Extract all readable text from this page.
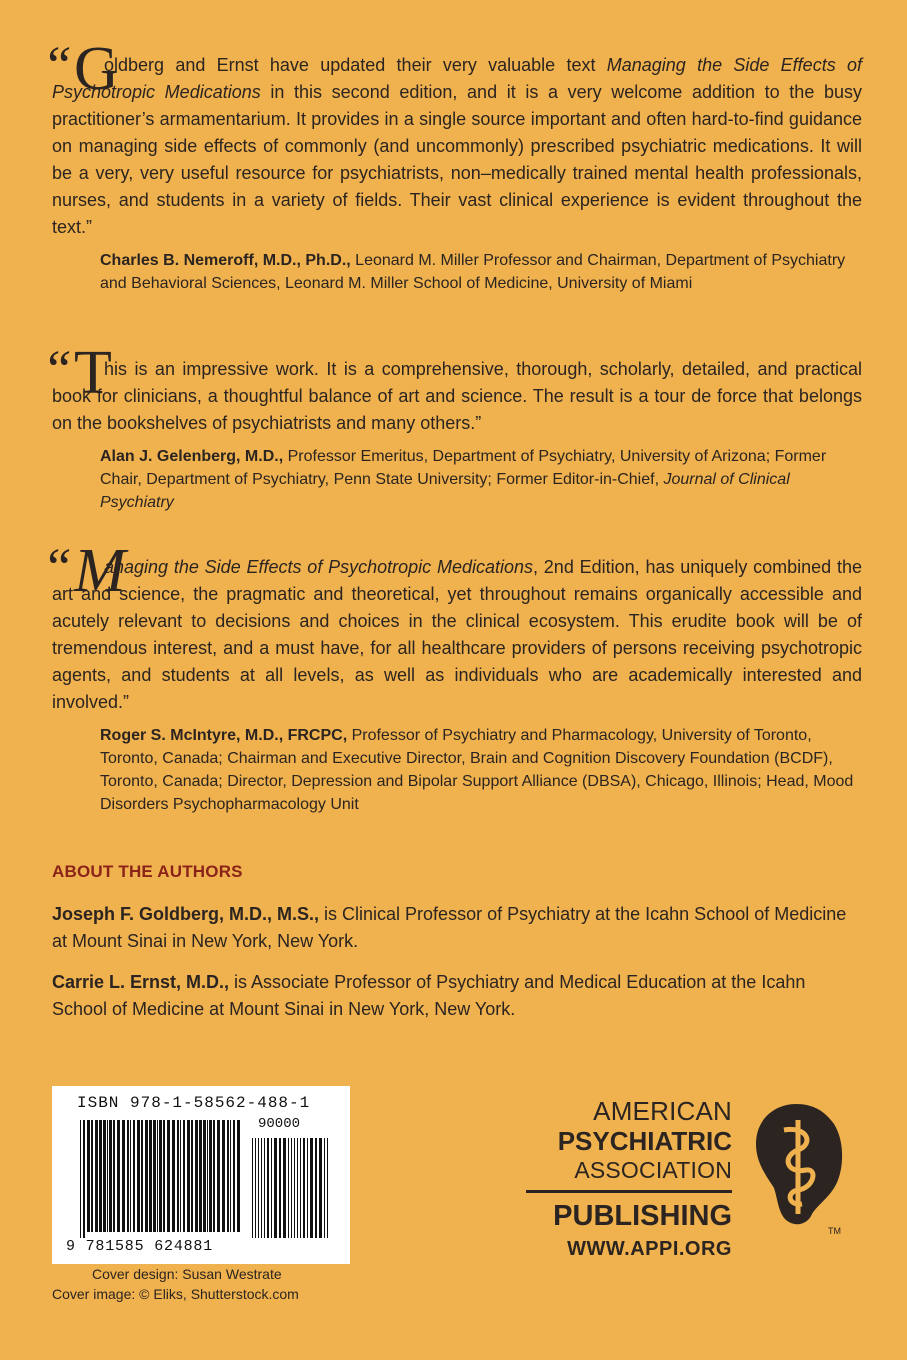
“ G

oldberg and Ernst have updated their very valuable text Managing the Side Effects of Psychotropic Medications in this second edition, and it is a very welcome addition to the busy practitioner’s armamentarium. It provides in a single source important and often hard-to-find guidance on managing side effects of commonly (and uncommonly) prescribed psychiatric medications. It will be a very, very useful resource for psychiatrists, non–medically trained mental health professionals, nurses, and students in a variety of fields. Their vast clinical experience is evident throughout the text.”

Charles B. Nemeroff, M.D., Ph.D., Leonard M. Miller Professor and Chairman, Department of Psychiatry and Behavioral Sciences, Leonard M. Miller School of Medicine, University of Miami
“ T

his is an impressive work. It is a comprehensive, thorough, scholarly, detailed, and practical book for clinicians, a thoughtful balance of art and science. The result is a tour de force that belongs on the bookshelves of psychiatrists and many others.”

Alan J. Gelenberg, M.D., Professor Emeritus, Department of Psychiatry, University of Arizona; Former Chair, Department of Psychiatry, Penn State University; Former Editor-in-Chief, Journal of Clinical Psychiatry
“ M

anaging the Side Effects of Psychotropic Medications, 2nd Edition, has uniquely combined the art and science, the pragmatic and theoretical, yet throughout remains organically accessible and acutely relevant to decisions and choices in the clinical ecosystem. This erudite book will be of tremendous interest, and a must have, for all healthcare providers of persons receiving psychotropic agents, and students at all levels, as well as individuals who are academically interested and involved.”

Roger S. McIntyre, M.D., FRCPC, Professor of Psychiatry and Pharmacology, University of Toronto, Toronto, Canada; Chairman and Executive Director, Brain and Cognition Discovery Foundation (BCDF), Toronto, Canada; Director, Depression and Bipolar Support Alliance (DBSA), Chicago, Illinois; Head, Mood Disorders Psychopharmacology Unit
ABOUT THE AUTHORS

Joseph F. Goldberg, M.D., M.S., is Clinical Professor of Psychiatry at the Icahn School of Medicine at Mount Sinai in New York, New York.

Carrie L. Ernst, M.D., is Associate Professor of Psychiatry and Medical Education at the Icahn School of Medicine at Mount Sinai in New York, New York.

ISBN 978-1-58562-488-1
90000
9 781585 624881
Cover design: Susan Westrate
Cover image: © Eliks, Shutterstock.com
AMERICAN
PSYCHIATRIC
ASSOCIATION
PUBLISHING
WWW.APPI.ORG
TM
